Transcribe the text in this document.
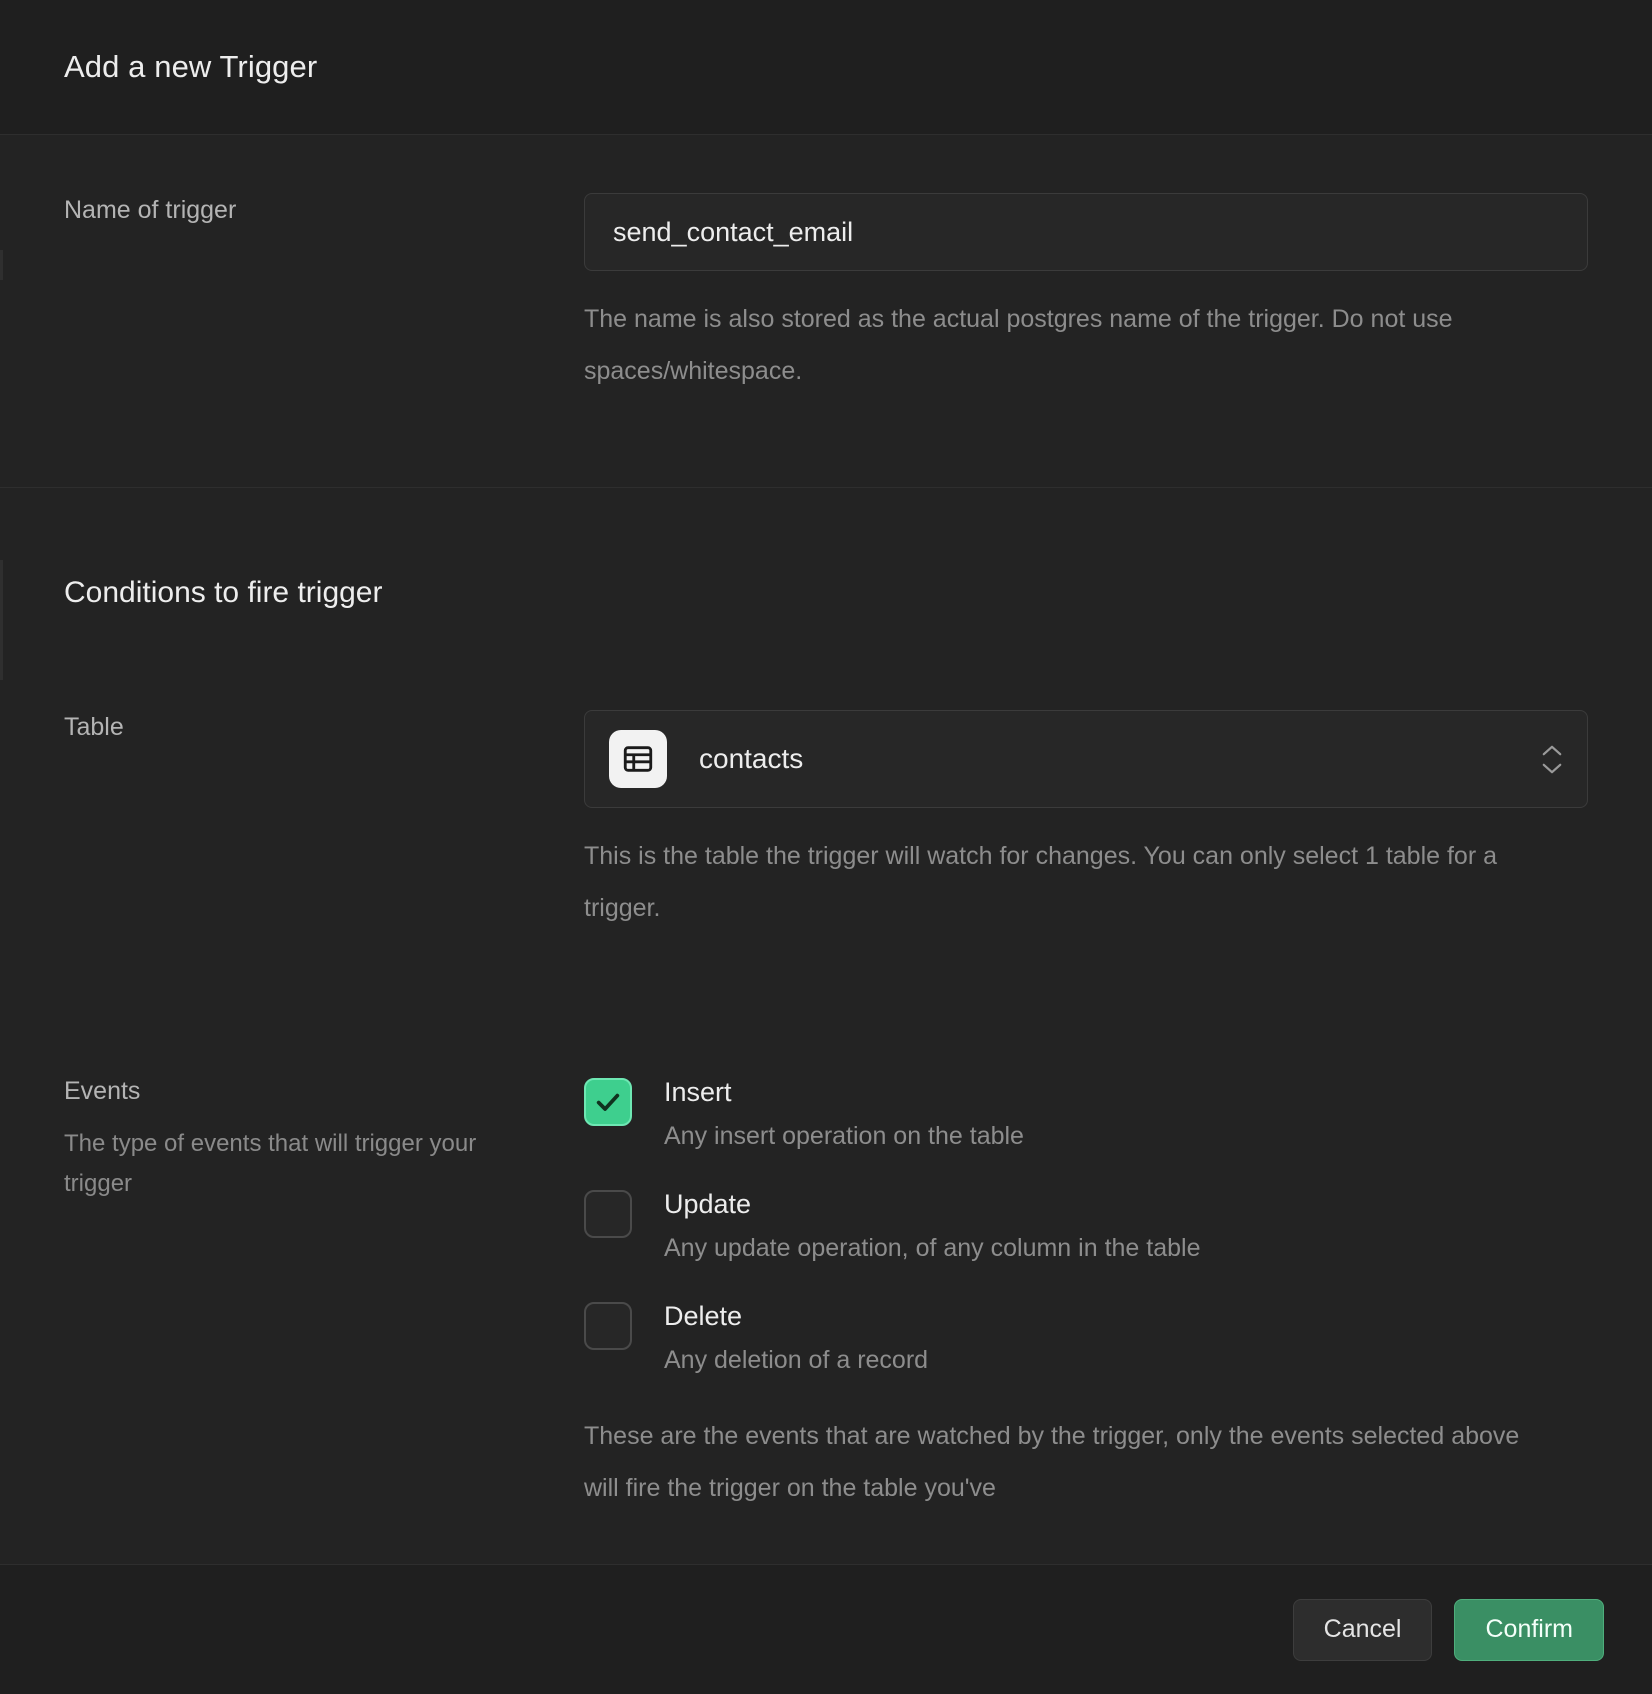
Add a new Trigger
Name of trigger
send_contact_email
The name is also stored as the actual postgres name of the trigger. Do not use spaces/whitespace.
Conditions to fire trigger
Table
contacts
This is the table the trigger will watch for changes. You can only select 1 table for a trigger.
Events
The type of events that will trigger your trigger
Insert
Any insert operation on the table
Update
Any update operation, of any column in the table
Delete
Any deletion of a record
These are the events that are watched by the trigger, only the events selected above will fire the trigger on the table you've
Cancel	Confirm
